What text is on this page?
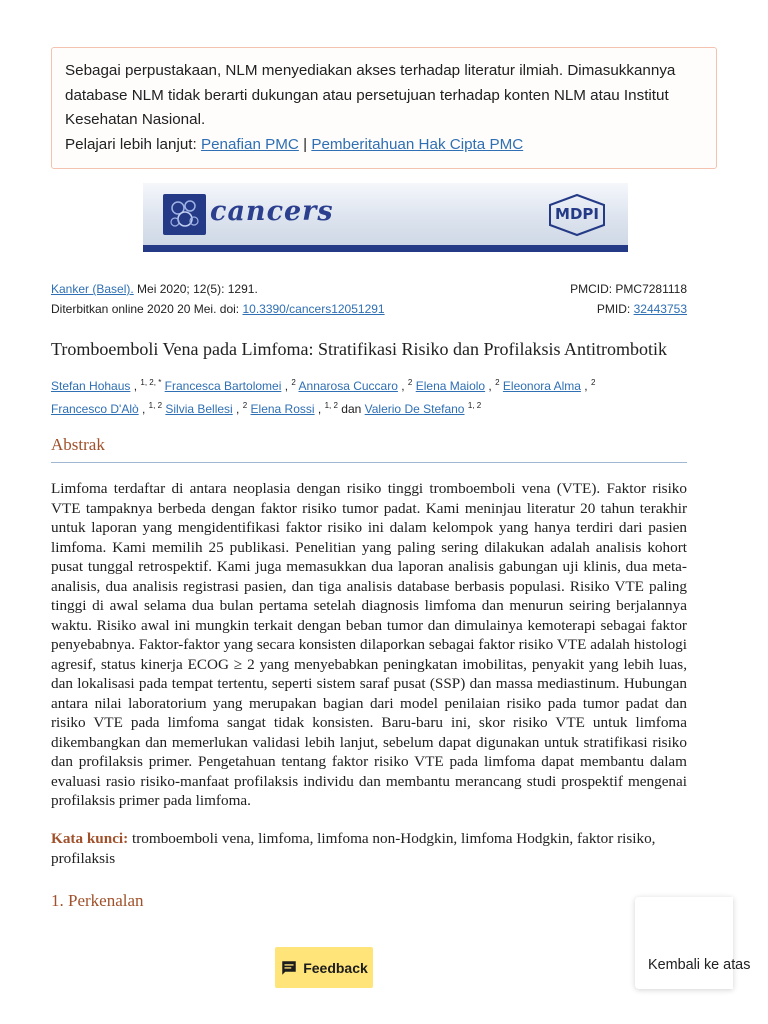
Sebagai perpustakaan, NLM menyediakan akses terhadap literatur ilmiah. Dimasukkannya database NLM tidak berarti dukungan atau persetujuan terhadap konten NLM atau Institut Kesehatan Nasional.
Pelajari lebih lanjut: Penafian PMC | Pemberitahuan Hak Cipta PMC
cancers	MDPI
Kanker (Basel). Mei 2020; 12(5): 1291.
Diterbitkan online 2020 20 Mei. doi: 10.3390/cancers12051291
PMCID: PMC7281118
PMID: 32443753
Tromboemboli Vena pada Limfoma: Stratifikasi Risiko dan Profilaksis Antitrombotik
Stefan Hohaus , $^{1, 2, *}$ Francesca Bartolomei , $^2$ Annarosa Cuccaro , $^2$ Elena Maiolo , $^2$ Eleonora Alma , $^2$
Francesco D'Alò , $^{1, 2}$ Silvia Bellesi , $^2$ Elena Rossi , $^{1, 2}$ dan Valerio De Stefano $^{1, 2}$
Abstrak

Limfoma terdaftar di antara neoplasia dengan risiko tinggi tromboemboli vena (VTE). Faktor risiko VTE tampaknya berbeda dengan faktor risiko tumor padat. Kami meninjau literatur 20 tahun terakhir untuk laporan yang mengidentifikasi faktor risiko ini dalam kelompok yang hanya terdiri dari pasien limfoma. Kami memilih 25 publikasi. Penelitian yang paling sering dilakukan adalah analisis kohort pusat tunggal retrospektif. Kami juga memasukkan dua laporan analisis gabungan uji klinis, dua meta-analisis, dua analisis registrasi pasien, dan tiga analisis database berbasis populasi. Risiko VTE paling tinggi di awal selama dua bulan pertama setelah diagnosis limfoma dan menurun seiring berjalannya waktu. Risiko awal ini mungkin terkait dengan beban tumor dan dimulainya kemoterapi sebagai faktor penyebabnya. Faktor-faktor yang secara konsisten dilaporkan sebagai faktor risiko VTE adalah histologi agresif, status kinerja ECOG ≥ 2 yang menyebabkan peningkatan imobilitas, penyakit yang lebih luas, dan lokalisasi pada tempat tertentu, seperti sistem saraf pusat (SSP) dan massa mediastinum. Hubungan antara nilai laboratorium yang merupakan bagian dari model penilaian risiko pada tumor padat dan risiko VTE pada limfoma sangat tidak konsisten. Baru-baru ini, skor risiko VTE untuk limfoma dikembangkan dan memerlukan validasi lebih lanjut, sebelum dapat digunakan untuk stratifikasi risiko dan profilaksis primer. Pengetahuan tentang faktor risiko VTE pada limfoma dapat membantu dalam evaluasi rasio risiko-manfaat profilaksis individu dan membantu merancang studi prospektif mengenai profilaksis primer pada limfoma.

Kata kunci: tromboemboli vena, limfoma, limfoma non-Hodgkin, limfoma Hodgkin, faktor risiko, profilaksis

1. Perkenalan
Feedback	Kembali ke atas
